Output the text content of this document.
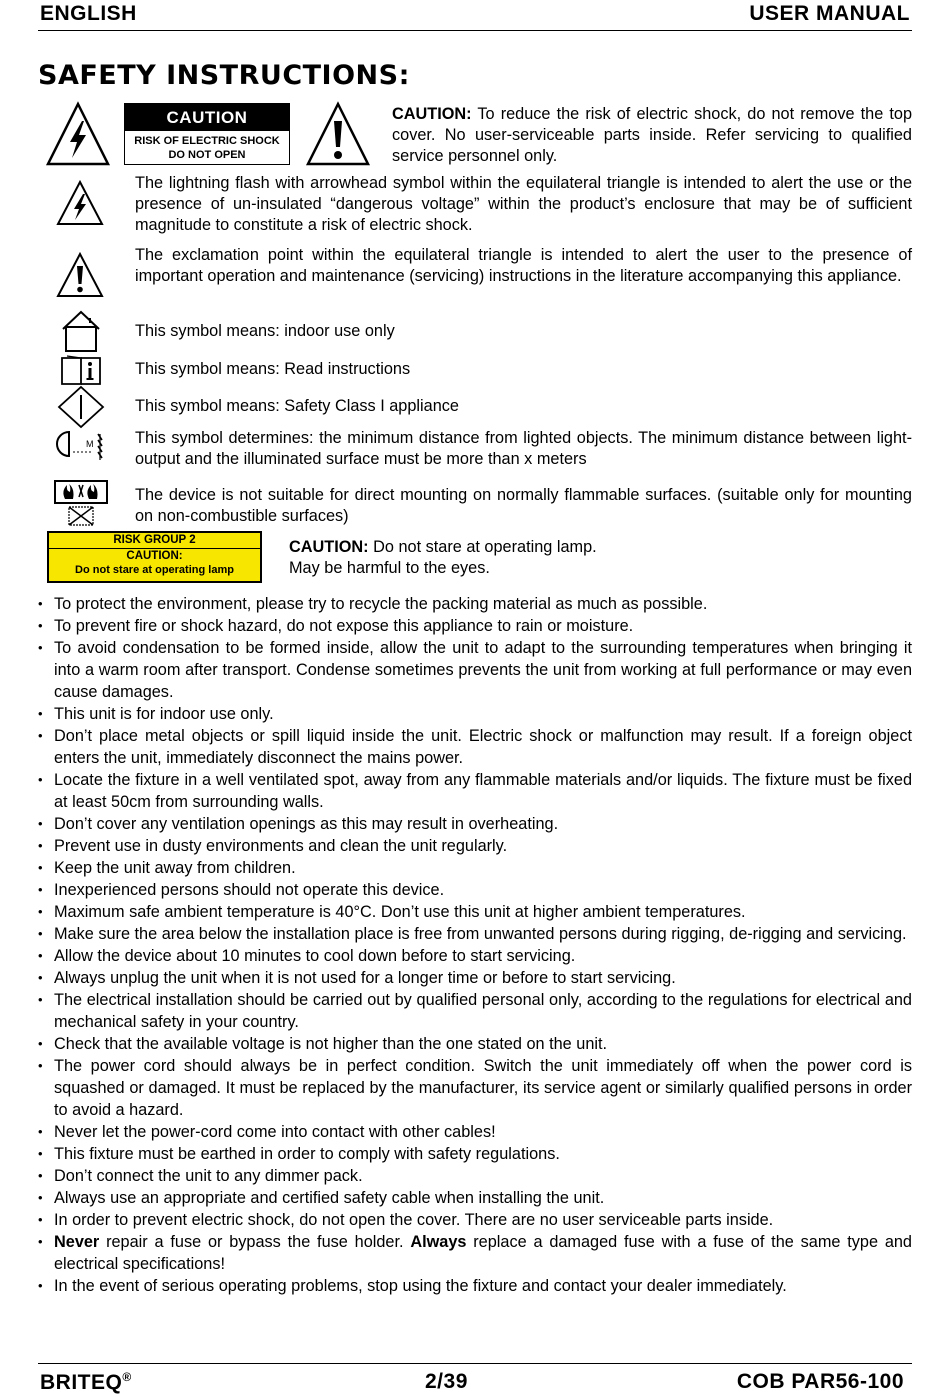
ENGLISH	USER MANUAL
SAFETY INSTRUCTIONS:
CAUTION
RISK OF ELECTRIC SHOCK
DO NOT OPEN
CAUTION: To reduce the risk of electric shock, do not remove the top cover. No user-serviceable parts inside. Refer servicing to qualified service personnel only.
The lightning flash with arrowhead symbol within the equilateral triangle is intended to alert the use or the presence of un-insulated “dangerous voltage” within the product’s enclosure that may be of sufficient magnitude to constitute a risk of electric shock.
The exclamation point within the equilateral triangle is intended to alert the user to the presence of important operation and maintenance (servicing) instructions in the literature accompanying this appliance.
This symbol means: indoor use only
This symbol means: Read instructions
This symbol means: Safety Class I appliance
M	This symbol determines: the minimum distance from lighted objects. The minimum distance between light-output and the illuminated surface must be more than x meters
The device is not suitable for direct mounting on normally flammable surfaces. (suitable only for mounting on non-combustible surfaces)
RISK GROUP 2
CAUTION:
Do not stare at operating lamp
CAUTION: Do not stare at operating lamp.
May be harmful to the eyes.
• To protect the environment, please try to recycle the packing material as much as possible.
• To prevent fire or shock hazard, do not expose this appliance to rain or moisture.
• To avoid condensation to be formed inside, allow the unit to adapt to the surrounding temperatures when bringing it into a warm room after transport. Condense sometimes prevents the unit from working at full performance or may even cause damages.
• This unit is for indoor use only.
• Don’t place metal objects or spill liquid inside the unit. Electric shock or malfunction may result. If a foreign object enters the unit, immediately disconnect the mains power.
• Locate the fixture in a well ventilated spot, away from any flammable materials and/or liquids. The fixture must be fixed at least 50cm from surrounding walls.
• Don’t cover any ventilation openings as this may result in overheating.
• Prevent use in dusty environments and clean the unit regularly.
• Keep the unit away from children.
• Inexperienced persons should not operate this device.
• Maximum safe ambient temperature is 40°C. Don’t use this unit at higher ambient temperatures.
• Make sure the area below the installation place is free from unwanted persons during rigging, de-rigging and servicing.
• Allow the device about 10 minutes to cool down before to start servicing.
• Always unplug the unit when it is not used for a longer time or before to start servicing.
• The electrical installation should be carried out by qualified personal only, according to the regulations for electrical and mechanical safety in your country.
• Check that the available voltage is not higher than the one stated on the unit.
• The power cord should always be in perfect condition. Switch the unit immediately off when the power cord is squashed or damaged. It must be replaced by the manufacturer, its service agent or similarly qualified persons in order to avoid a hazard.
• Never let the power-cord come into contact with other cables!
• This fixture must be earthed in order to comply with safety regulations.
• Don’t connect the unit to any dimmer pack.
• Always use an appropriate and certified safety cable when installing the unit.
• In order to prevent electric shock, do not open the cover. There are no user serviceable parts inside.
• Never repair a fuse or bypass the fuse holder. Always replace a damaged fuse with a fuse of the same type and electrical specifications!
• In the event of serious operating problems, stop using the fixture and contact your dealer immediately.
BRITEQ®	2/39	COB PAR56-100
